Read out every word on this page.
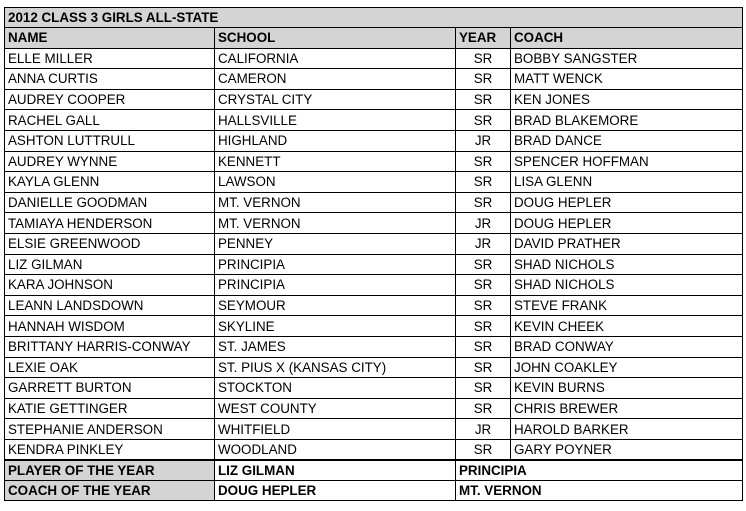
2012 CLASS 3 GIRLS ALL-STATE			
NAME	SCHOOL	YEAR	COACH
ELLE MILLER	CALIFORNIA	SR	BOBBY SANGSTER
ANNA CURTIS	CAMERON	SR	MATT WENCK
AUDREY COOPER	CRYSTAL CITY	SR	KEN JONES
RACHEL GALL	HALLSVILLE	SR	BRAD BLAKEMORE
ASHTON LUTTRULL	HIGHLAND	JR	BRAD DANCE
AUDREY WYNNE	KENNETT	SR	SPENCER HOFFMAN
KAYLA GLENN	LAWSON	SR	LISA GLENN
DANIELLE GOODMAN	MT. VERNON	SR	DOUG HEPLER
TAMIAYA HENDERSON	MT. VERNON	JR	DOUG HEPLER
ELSIE GREENWOOD	PENNEY	JR	DAVID PRATHER
LIZ GILMAN	PRINCIPIA	SR	SHAD NICHOLS
KARA JOHNSON	PRINCIPIA	SR	SHAD NICHOLS
LEANN LANDSDOWN	SEYMOUR	SR	STEVE FRANK
HANNAH WISDOM	SKYLINE	SR	KEVIN CHEEK
BRITTANY HARRIS-CONWAY	ST. JAMES	SR	BRAD CONWAY
LEXIE OAK	ST. PIUS X (KANSAS CITY)	SR	JOHN COAKLEY
GARRETT BURTON	STOCKTON	SR	KEVIN BURNS
KATIE GETTINGER	WEST COUNTY	SR	CHRIS BREWER
STEPHANIE ANDERSON	WHITFIELD	JR	HAROLD BARKER
KENDRA PINKLEY	WOODLAND	SR	GARY POYNER
PLAYER OF THE YEAR	LIZ GILMAN	PRINCIPIA	
COACH OF THE YEAR	DOUG HEPLER	MT. VERNON	
